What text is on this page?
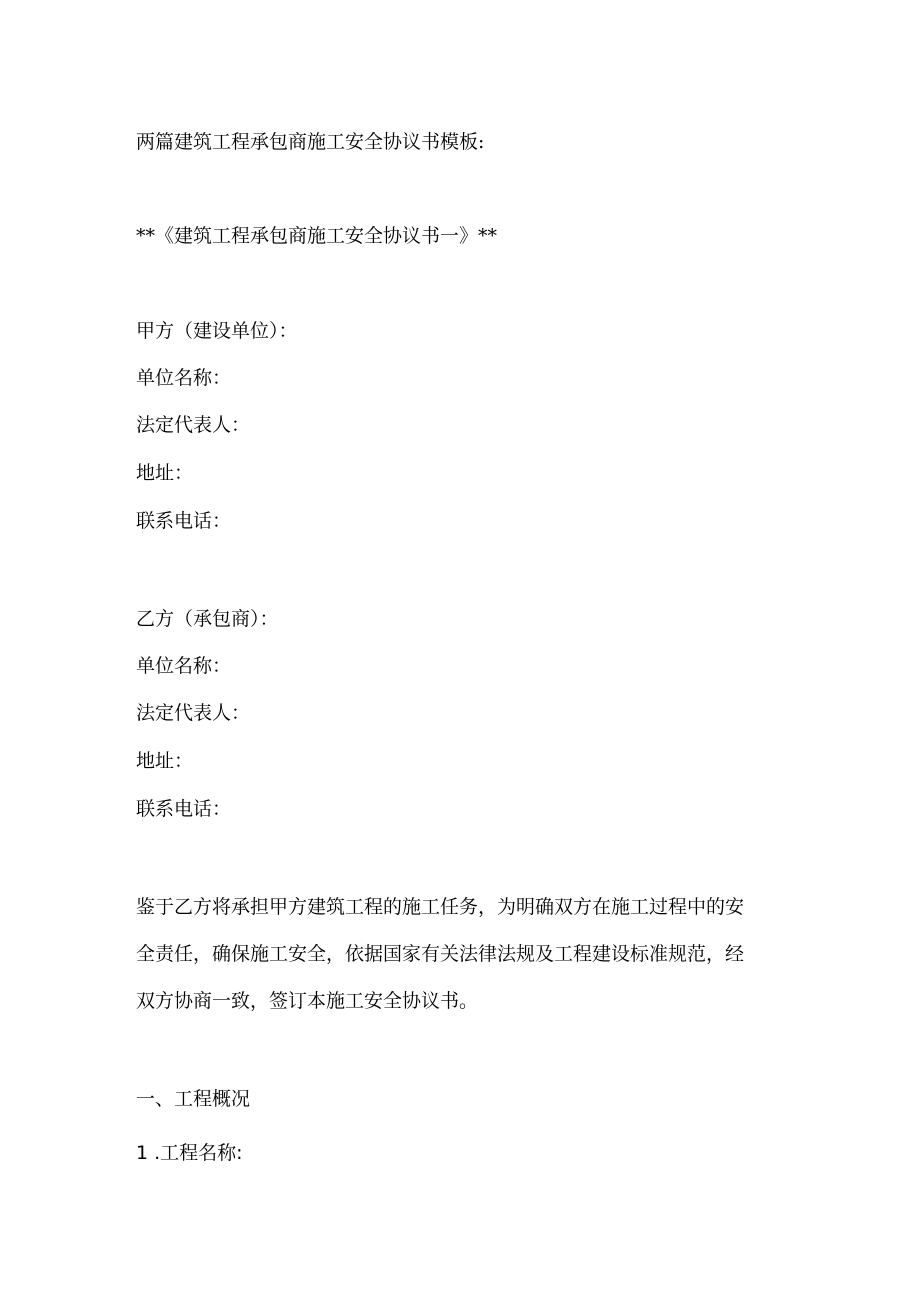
两篇建筑工程承包商施工安全协议书模板:
**《建筑工程承包商施工安全协议书一》**
甲方（建设单位）：
单位名称：
法定代表人：
地址：
联系电话：
乙方（承包商）：
单位名称：
法定代表人：
地址：
联系电话：
鉴于乙方将承担甲方建筑工程的施工任务，为明确双方在施工过程中的安
全责任，确保施工安全，依据国家有关法律法规及工程建设标准规范，经
双方协商一致，签订本施工安全协议书。
一、工程概况
1 .工程名称:
